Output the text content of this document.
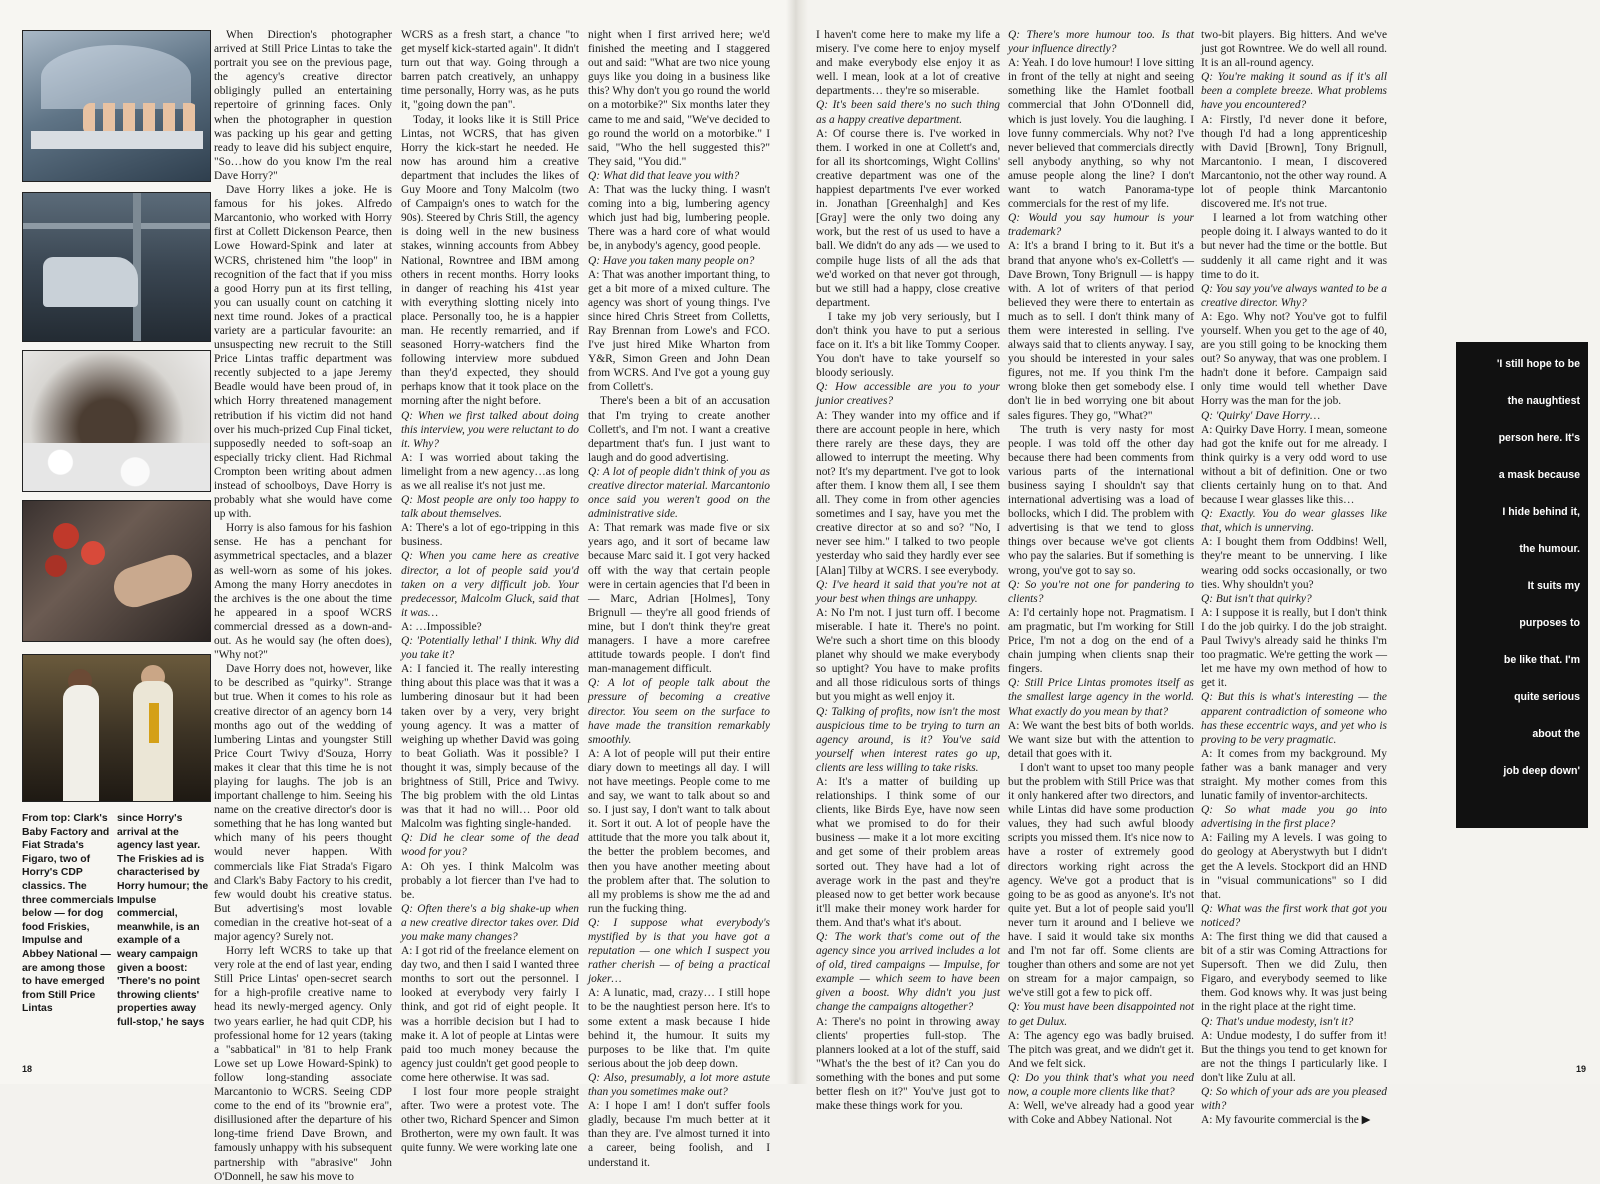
From top: Clark's Baby Factory and Fiat Strada's Figaro, two of Horry's CDP classics. The three commercials below — for dog food Friskies, Impulse and Abbey National — are among those to have emerged from Still Price Lintas
since Horry's arrival at the agency last year. The Friskies ad is characterised by Horry humour; the Impulse commercial, meanwhile, is an example of a weary campaign given a boost: 'There's no point throwing clients' properties away full-stop,' he says

When Direction's photographer arrived at Still Price Lintas to take the portrait you see on the previous page, the agency's creative director obligingly pulled an entertaining repertoire of grinning faces. Only when the photographer in question was packing up his gear and getting ready to leave did his subject enquire, "So…how do you know I'm the real Dave Horry?"

Dave Horry likes a joke. He is famous for his jokes. Alfredo Marcantonio, who worked with Horry first at Collett Dickenson Pearce, then Lowe Howard-Spink and later at WCRS, christened him "the loop" in recognition of the fact that if you miss a good Horry pun at its first telling, you can usually count on catching it next time round. Jokes of a practical variety are a particular favourite: an unsuspecting new recruit to the Still Price Lintas traffic department was recently subjected to a jape Jeremy Beadle would have been proud of, in which Horry threatened management retribution if his victim did not hand over his much-prized Cup Final ticket, supposedly needed to soft-soap an especially tricky client. Had Richmal Crompton been writing about admen instead of schoolboys, Dave Horry is probably what she would have come up with.

Horry is also famous for his fashion sense. He has a penchant for asymmetrical spectacles, and a blazer as well-worn as some of his jokes. Among the many Horry anecdotes in the archives is the one about the time he appeared in a spoof WCRS commercial dressed as a down-and-out. As he would say (he often does), "Why not?"

Dave Horry does not, however, like to be described as "quirky". Strange but true. When it comes to his role as creative director of an agency born 14 months ago out of the wedding of lumbering Lintas and youngster Still Price Court Twivy d'Souza, Horry makes it clear that this time he is not playing for laughs. The job is an important challenge to him. Seeing his name on the creative director's door is something that he has long wanted but which many of his peers thought would never happen. With commercials like Fiat Strada's Figaro and Clark's Baby Factory to his credit, few would doubt his creative status. But advertising's most lovable comedian in the creative hot-seat of a major agency? Surely not.

Horry left WCRS to take up that very role at the end of last year, ending Still Price Lintas' open-secret search for a high-profile creative name to head its newly-merged agency. Only two years earlier, he had quit CDP, his professional home for 12 years (taking a "sabbatical" in '81 to help Frank Lowe set up Lowe Howard-Spink) to follow long-standing associate Marcantonio to WCRS. Seeing CDP come to the end of its "brownie era", disillusioned after the departure of his long-time friend Dave Brown, and famously unhappy with his subsequent partnership with "abrasive" John O'Donnell, he saw his move to

WCRS as a fresh start, a chance "to get myself kick-started again". It didn't turn out that way. Going through a barren patch creatively, an unhappy time personally, Horry was, as he puts it, "going down the pan".

Today, it looks like it is Still Price Lintas, not WCRS, that has given Horry the kick-start he needed. He now has around him a creative department that includes the likes of Guy Moore and Tony Malcolm (two of Campaign's ones to watch for the 90s). Steered by Chris Still, the agency is doing well in the new business stakes, winning accounts from Abbey National, Rowntree and IBM among others in recent months. Horry looks in danger of reaching his 41st year with everything slotting nicely into place. Personally too, he is a happier man. He recently remarried, and if seasoned Horry-watchers find the following interview more subdued than they'd expected, they should perhaps know that it took place on the morning after the night before.

Q: When we first talked about doing this interview, you were reluctant to do it. Why?

A: I was worried about taking the limelight from a new agency…as long as we all realise it's not just me.

Q: Most people are only too happy to talk about themselves.

A: There's a lot of ego-tripping in this business.

Q: When you came here as creative director, a lot of people said you'd taken on a very difficult job. Your predecessor, Malcolm Gluck, said that it was…

A: …Impossible?

Q: 'Potentially lethal' I think. Why did you take it?

A: I fancied it. The really interesting thing about this place was that it was a lumbering dinosaur but it had been taken over by a very, very bright young agency. It was a matter of weighing up whether David was going to beat Goliath. Was it possible? I thought it was, simply because of the brightness of Still, Price and Twivy. The big problem with the old Lintas was that it had no will… Poor old Malcolm was fighting single-handed.

Q: Did he clear some of the dead wood for you?

A: Oh yes. I think Malcolm was probably a lot fiercer than I've had to be.

Q: Often there's a big shake-up when a new creative director takes over. Did you make many changes?

A: I got rid of the freelance element on day two, and then I said I wanted three months to sort out the personnel. I looked at everybody very fairly I think, and got rid of eight people. It was a horrible decision but I had to make it. A lot of people at Lintas were paid too much money because the agency just couldn't get good people to come here otherwise. It was sad.

I lost four more people straight after. Two were a protest vote. The other two, Richard Spencer and Simon Brotherton, were my own fault. It was quite funny. We were working late one

night when I first arrived here; we'd finished the meeting and I staggered out and said: "What are two nice young guys like you doing in a business like this? Why don't you go round the world on a motorbike?" Six months later they came to me and said, "We've decided to go round the world on a motorbike." I said, "Who the hell suggested this?" They said, "You did."

Q: What did that leave you with?

A: That was the lucky thing. I wasn't coming into a big, lumbering agency which just had big, lumbering people. There was a hard core of what would be, in anybody's agency, good people.

Q: Have you taken many people on?

A: That was another important thing, to get a bit more of a mixed culture. The agency was short of young things. I've since hired Chris Street from Colletts, Ray Brennan from Lowe's and FCO. I've just hired Mike Wharton from Y&R, Simon Green and John Dean from WCRS. And I've got a young guy from Collett's.

There's been a bit of an accusation that I'm trying to create another Collett's, and I'm not. I want a creative department that's fun. I just want to laugh and do good advertising.

Q: A lot of people didn't think of you as creative director material. Marcantonio once said you weren't good on the administrative side.

A: That remark was made five or six years ago, and it sort of became law because Marc said it. I got very hacked off with the way that certain people were in certain agencies that I'd been in — Marc, Adrian [Holmes], Tony Brignull — they're all good friends of mine, but I don't think they're great managers. I have a more carefree attitude towards people. I don't find man-management difficult.

Q: A lot of people talk about the pressure of becoming a creative director. You seem on the surface to have made the transition remarkably smoothly.

A: A lot of people will put their entire diary down to meetings all day. I will not have meetings. People come to me and say, we want to talk about so and so. I just say, I don't want to talk about it. Sort it out. A lot of people have the attitude that the more you talk about it, the better the problem becomes, and then you have another meeting about the problem after that. The solution to all my problems is show me the ad and run the fucking thing.

Q: I suppose what everybody's mystified by is that you have got a reputation — one which I suspect you rather cherish — of being a practical joker…

A: A lunatic, mad, crazy… I still hope to be the naughtiest person here. It's to some extent a mask because I hide behind it, the humour. It suits my purposes to be like that. I'm quite serious about the job deep down.

Q: Also, presumably, a lot more astute than you sometimes make out?

A: I hope I am! I don't suffer fools gladly, because I'm much better at it than they are. I've almost turned it into a career, being foolish, and I understand it.

18

I haven't come here to make my life a misery. I've come here to enjoy myself and make everybody else enjoy it as well. I mean, look at a lot of creative departments… they're so miserable.

Q: It's been said there's no such thing as a happy creative department.

A: Of course there is. I've worked in them. I worked in one at Collett's and, for all its shortcomings, Wight Collins' creative department was one of the happiest departments I've ever worked in. Jonathan [Greenhalgh] and Kes [Gray] were the only two doing any work, but the rest of us used to have a ball. We didn't do any ads — we used to compile huge lists of all the ads that we'd worked on that never got through, but we still had a happy, close creative department.

I take my job very seriously, but I don't think you have to put a serious face on it. It's a bit like Tommy Cooper. You don't have to take yourself so bloody seriously.

Q: How accessible are you to your junior creatives?

A: They wander into my office and if there are account people in here, which there rarely are these days, they are allowed to interrupt the meeting. Why not? It's my department. I've got to look after them. I know them all, I see them all. They come in from other agencies sometimes and I say, have you met the creative director at so and so? "No, I never see him." I talked to two people yesterday who said they hardly ever see [Alan] Tilby at WCRS. I see everybody.

Q: I've heard it said that you're not at your best when things are unhappy.

A: No I'm not. I just turn off. I become miserable. I hate it. There's no point. We're such a short time on this bloody planet why should we make everybody so uptight? You have to make profits and all those ridiculous sorts of things but you might as well enjoy it.

Q: Talking of profits, now isn't the most auspicious time to be trying to turn an agency around, is it? You've said yourself when interest rates go up, clients are less willing to take risks.

A: It's a matter of building up relationships. I think some of our clients, like Birds Eye, have now seen what we promised to do for their business — make it a lot more exciting and get some of their problem areas sorted out. They have had a lot of average work in the past and they're pleased now to get better work because it'll make their money work harder for them. And that's what it's about.

Q: The work that's come out of the agency since you arrived includes a lot of old, tired campaigns — Impulse, for example — which seem to have been given a boost. Why didn't you just change the campaigns altogether?

A: There's no point in throwing away clients' properties full-stop. The planners looked at a lot of the stuff, said "What's the the best of it? Can you do something with the bones and put some better flesh on it?" You've just got to make these things work for you.

Q: There's more humour too. Is that your influence directly?

A: Yeah. I do love humour! I love sitting in front of the telly at night and seeing something like the Hamlet football commercial that John O'Donnell did, which is just lovely. You die laughing. I love funny commercials. Why not? I've never believed that commercials directly sell anybody anything, so why not amuse people along the line? I don't want to watch Panorama-type commercials for the rest of my life.

Q: Would you say humour is your trademark?

A: It's a brand I bring to it. But it's a brand that anyone who's ex-Collett's — Dave Brown, Tony Brignull — is happy with. A lot of writers of that period believed they were there to entertain as much as to sell. I don't think many of them were interested in selling. I've always said that to clients anyway. I say, you should be interested in your sales figures, not me. If you think I'm the wrong bloke then get somebody else. I don't lie in bed worrying one bit about sales figures. They go, "What?"

The truth is very nasty for most people. I was told off the other day because there had been comments from various parts of the international business saying I shouldn't say that international advertising was a load of bollocks, which I did. The problem with advertising is that we tend to gloss things over because we've got clients who pay the salaries. But if something is wrong, you've got to say so.

Q: So you're not one for pandering to clients?

A: I'd certainly hope not. Pragmatism. I am pragmatic, but I'm working for Still Price, I'm not a dog on the end of a chain jumping when clients snap their fingers.

Q: Still Price Lintas promotes itself as the smallest large agency in the world. What exactly do you mean by that?

A: We want the best bits of both worlds. We want size but with the attention to detail that goes with it.

I don't want to upset too many people but the problem with Still Price was that it only hankered after two directors, and while Lintas did have some production values, they had such awful bloody scripts you missed them. It's nice now to have a roster of extremely good directors working right across the agency. We've got a product that is going to be as good as anyone's. It's not quite yet. But a lot of people said you'll never turn it around and I believe we have. I said it would take six months and I'm not far off. Some clients are tougher than others and some are not yet on stream for a major campaign, so we've still got a few to pick off.

Q: You must have been disappointed not to get Dulux.

A: The agency ego was badly bruised. The pitch was great, and we didn't get it. And we felt sick.

Q: Do you think that's what you need now, a couple more clients like that?

A: Well, we've already had a good year with Coke and Abbey National. Not

two-bit players. Big hitters. And we've just got Rowntree. We do well all round. It is an all-round agency.

Q: You're making it sound as if it's all been a complete breeze. What problems have you encountered?

A: Firstly, I'd never done it before, though I'd had a long apprenticeship with David [Brown], Tony Brignull, Marcantonio. I mean, I discovered Marcantonio, not the other way round. A lot of people think Marcantonio discovered me. It's not true.

I learned a lot from watching other people doing it. I always wanted to do it but never had the time or the bottle. But suddenly it all came right and it was time to do it.

Q: You say you've always wanted to be a creative director. Why?

A: Ego. Why not? You've got to fulfil yourself. When you get to the age of 40, are you still going to be knocking them out? So anyway, that was one problem. I hadn't done it before. Campaign said only time would tell whether Dave Horry was the man for the job.

Q: 'Quirky' Dave Horry…

A: Quirky Dave Horry. I mean, someone had got the knife out for me already. I think quirky is a very odd word to use without a bit of definition. One or two clients certainly hung on to that. And because I wear glasses like this…

Q: Exactly. You do wear glasses like that, which is unnerving.

A: I bought them from Oddbins! Well, they're meant to be unnerving. I like wearing odd socks occasionally, or two ties. Why shouldn't you?

Q: But isn't that quirky?

A: I suppose it is really, but I don't think I do the job quirky. I do the job straight. Paul Twivy's already said he thinks I'm too pragmatic. We're getting the work — let me have my own method of how to get it.

Q: But this is what's interesting — the apparent contradiction of someone who has these eccentric ways, and yet who is proving to be very pragmatic.

A: It comes from my background. My father was a bank manager and very straight. My mother comes from this lunatic family of inventor-architects.

Q: So what made you go into advertising in the first place?

A: Failing my A levels. I was going to do geology at Aberystwyth but I didn't get the A levels. Stockport did an HND in "visual communications" so I did that.

Q: What was the first work that got you noticed?

A: The first thing we did that caused a bit of a stir was Coming Attractions for Supersoft. Then we did Zulu, then Figaro, and everybody seemed to like them. God knows why. It was just being in the right place at the right time.

Q: That's undue modesty, isn't it?

A: Undue modesty, I do suffer from it! But the things you tend to get known for are not the things I particularly like. I don't like Zulu at all.

Q: So which of your ads are you pleased with?

A: My favourite commercial is the ▶

'I still hope to be
the naughtiest
person here. It's
a mask because
I hide behind it,
the humour.
It suits my
purposes to
be like that. I'm
quite serious
about the
job deep down'
19
